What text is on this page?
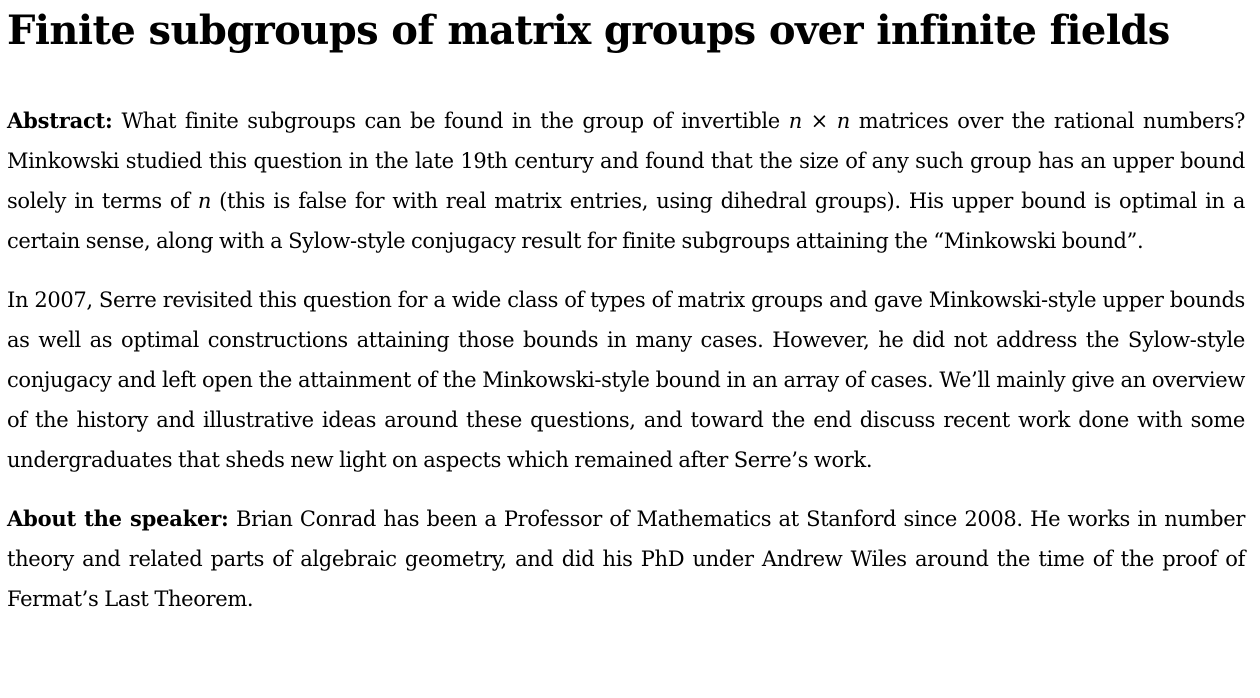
Finite subgroups of matrix groups over infinite fields

Abstract: What finite subgroups can be found in the group of invertible n × n matrices over the rational numbers? Minkowski studied this question in the late 19th century and found that the size of any such group has an upper bound solely in terms of n (this is false for with real matrix entries, using dihedral groups). His upper bound is optimal in a certain sense, along with a Sylow-style conjugacy result for finite subgroups attaining the “Minkowski bound”.

In 2007, Serre revisited this question for a wide class of types of matrix groups and gave Minkowski-style upper bounds as well as optimal constructions attaining those bounds in many cases. However, he did not address the Sylow-style conjugacy and left open the attainment of the Minkowski-style bound in an array of cases. We’ll mainly give an overview of the history and illustrative ideas around these questions, and toward the end discuss recent work done with some undergraduates that sheds new light on aspects which remained after Serre’s work.

About the speaker: Brian Conrad has been a Professor of Mathematics at Stanford since 2008. He works in number theory and related parts of algebraic geometry, and did his PhD under Andrew Wiles around the time of the proof of Fermat’s Last Theorem.
